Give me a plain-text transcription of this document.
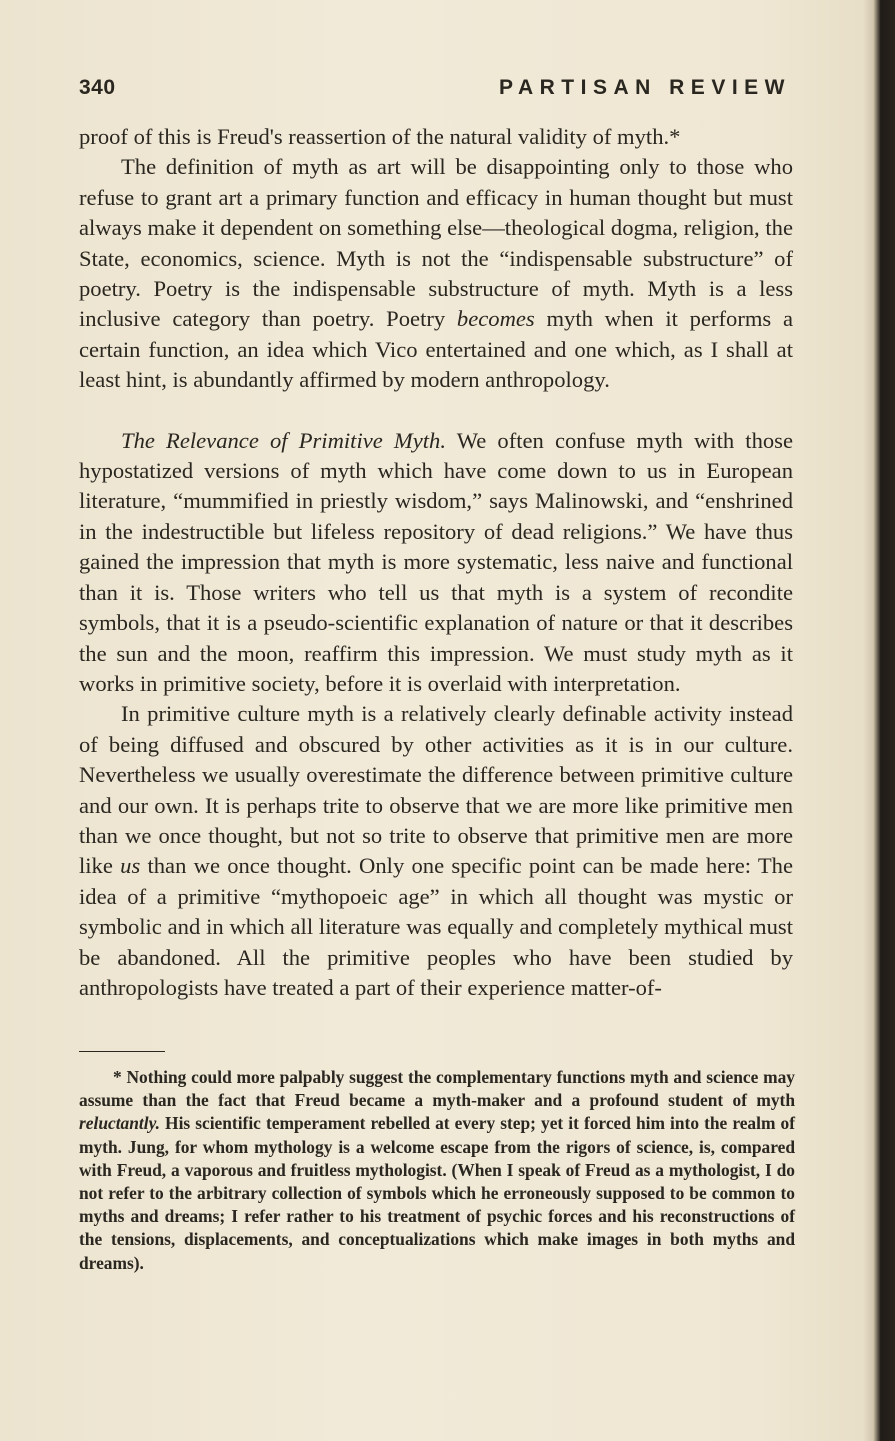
340	PARTISAN REVIEW

proof of this is Freud's reassertion of the natural validity of myth.*

The definition of myth as art will be disappointing only to those who refuse to grant art a primary function and efficacy in human thought but must always make it dependent on something else—theological dogma, religion, the State, economics, science. Myth is not the “indispensable substructure” of poetry. Poetry is the indispensable substructure of myth. Myth is a less inclusive category than poetry. Poetry becomes myth when it performs a certain function, an idea which Vico entertained and one which, as I shall at least hint, is abundantly affirmed by modern anthropology.

The Relevance of Primitive Myth. We often confuse myth with those hypostatized versions of myth which have come down to us in European literature, “mummified in priestly wisdom,” says Malinowski, and “enshrined in the indestructible but lifeless repository of dead religions.” We have thus gained the impression that myth is more systematic, less naive and functional than it is. Those writers who tell us that myth is a system of recondite symbols, that it is a pseudo-scientific explanation of nature or that it describes the sun and the moon, reaffirm this impression. We must study myth as it works in primitive society, before it is overlaid with interpretation.

In primitive culture myth is a relatively clearly definable activity instead of being diffused and obscured by other activities as it is in our culture. Nevertheless we usually overestimate the difference between primitive culture and our own. It is perhaps trite to observe that we are more like primitive men than we once thought, but not so trite to observe that primitive men are more like us than we once thought. Only one specific point can be made here: The idea of a primitive “mythopoeic age” in which all thought was mystic or symbolic and in which all literature was equally and completely mythical must be abandoned. All the primitive peoples who have been studied by anthropologists have treated a part of their experience matter-of-

* Nothing could more palpably suggest the complementary functions myth and science may assume than the fact that Freud became a myth-maker and a profound student of myth reluctantly. His scientific temperament rebelled at every step; yet it forced him into the realm of myth. Jung, for whom mythology is a welcome escape from the rigors of science, is, compared with Freud, a vaporous and fruitless mythologist. (When I speak of Freud as a mythologist, I do not refer to the arbitrary collection of symbols which he erroneously supposed to be common to myths and dreams; I refer rather to his treatment of psychic forces and his reconstructions of the tensions, displacements, and conceptualizations which make images in both myths and dreams).
